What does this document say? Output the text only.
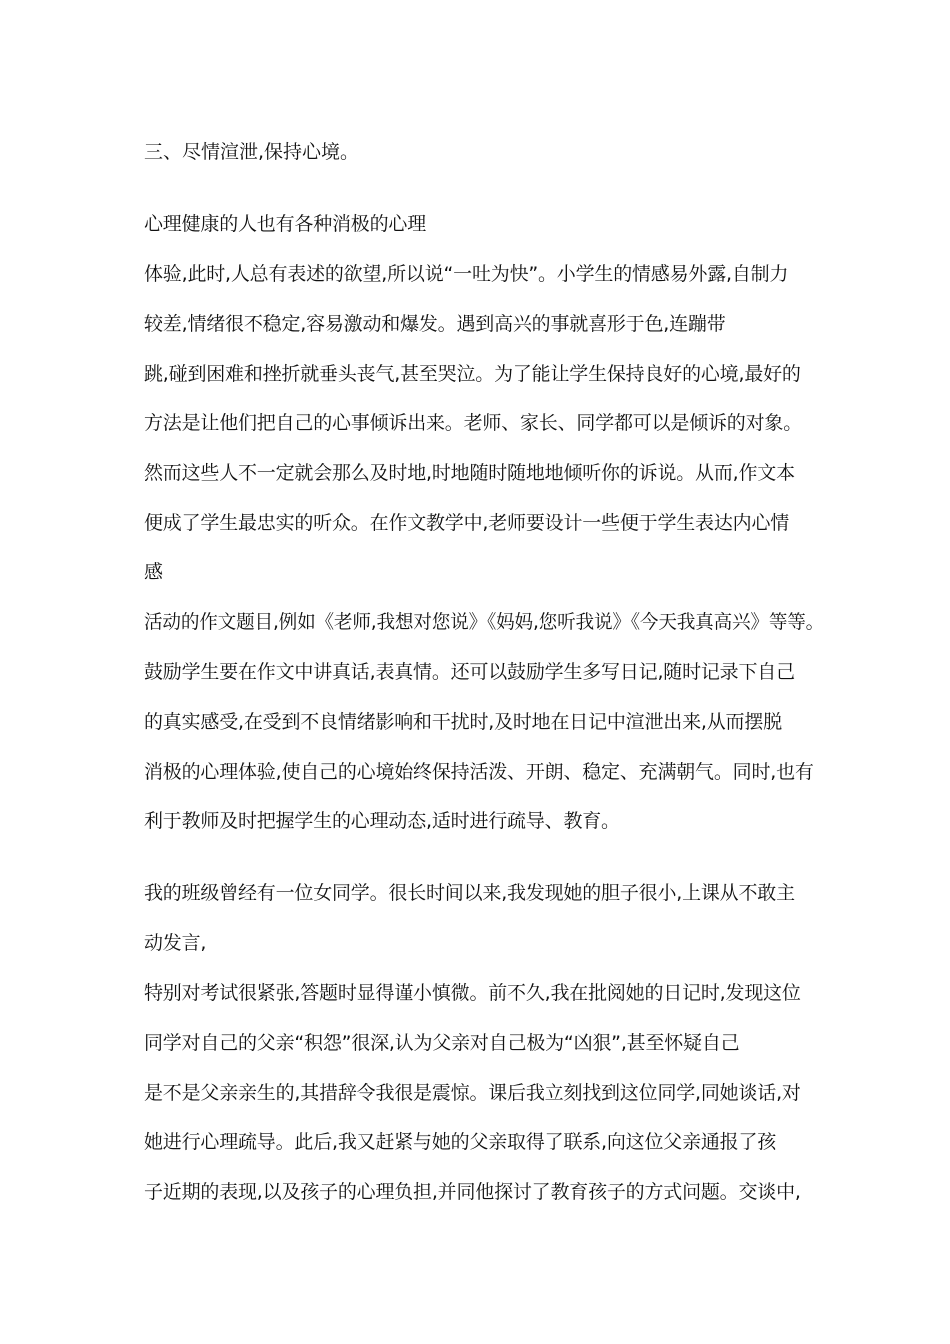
三、尽情渲泄,保持心境。
心理健康的人也有各种消极的心理
体验,此时,人总有表述的欲望,所以说“一吐为快”。小学生的情感易外露,自制力
较差,情绪很不稳定,容易激动和爆发。遇到高兴的事就喜形于色,连蹦带
跳,碰到困难和挫折就垂头丧气,甚至哭泣。为了能让学生保持良好的心境,最好的
方法是让他们把自己的心事倾诉出来。老师、家长、同学都可以是倾诉的对象。
然而这些人不一定就会那么及时地,时地随时随地地倾听你的诉说。从而,作文本
便成了学生最忠实的听众。在作文教学中,老师要设计一些便于学生表达内心情
感
活动的作文题目,例如《老师,我想对您说》《妈妈,您听我说》《今天我真高兴》等等。
鼓励学生要在作文中讲真话,表真情。还可以鼓励学生多写日记,随时记录下自己
的真实感受,在受到不良情绪影响和干扰时,及时地在日记中渲泄出来,从而摆脱
消极的心理体验,使自己的心境始终保持活泼、开朗、稳定、充满朝气。同时,也有
利于教师及时把握学生的心理动态,适时进行疏导、教育。
我的班级曾经有一位女同学。很长时间以来,我发现她的胆子很小,上课从不敢主
动发言,
特别对考试很紧张,答题时显得谨小慎微。前不久,我在批阅她的日记时,发现这位
同学对自己的父亲“积怨”很深,认为父亲对自己极为“凶狠”,甚至怀疑自己
是不是父亲亲生的,其措辞令我很是震惊。课后我立刻找到这位同学,同她谈话,对
她进行心理疏导。此后,我又赶紧与她的父亲取得了联系,向这位父亲通报了孩
子近期的表现,以及孩子的心理负担,并同他探讨了教育孩子的方式问题。交谈中,
